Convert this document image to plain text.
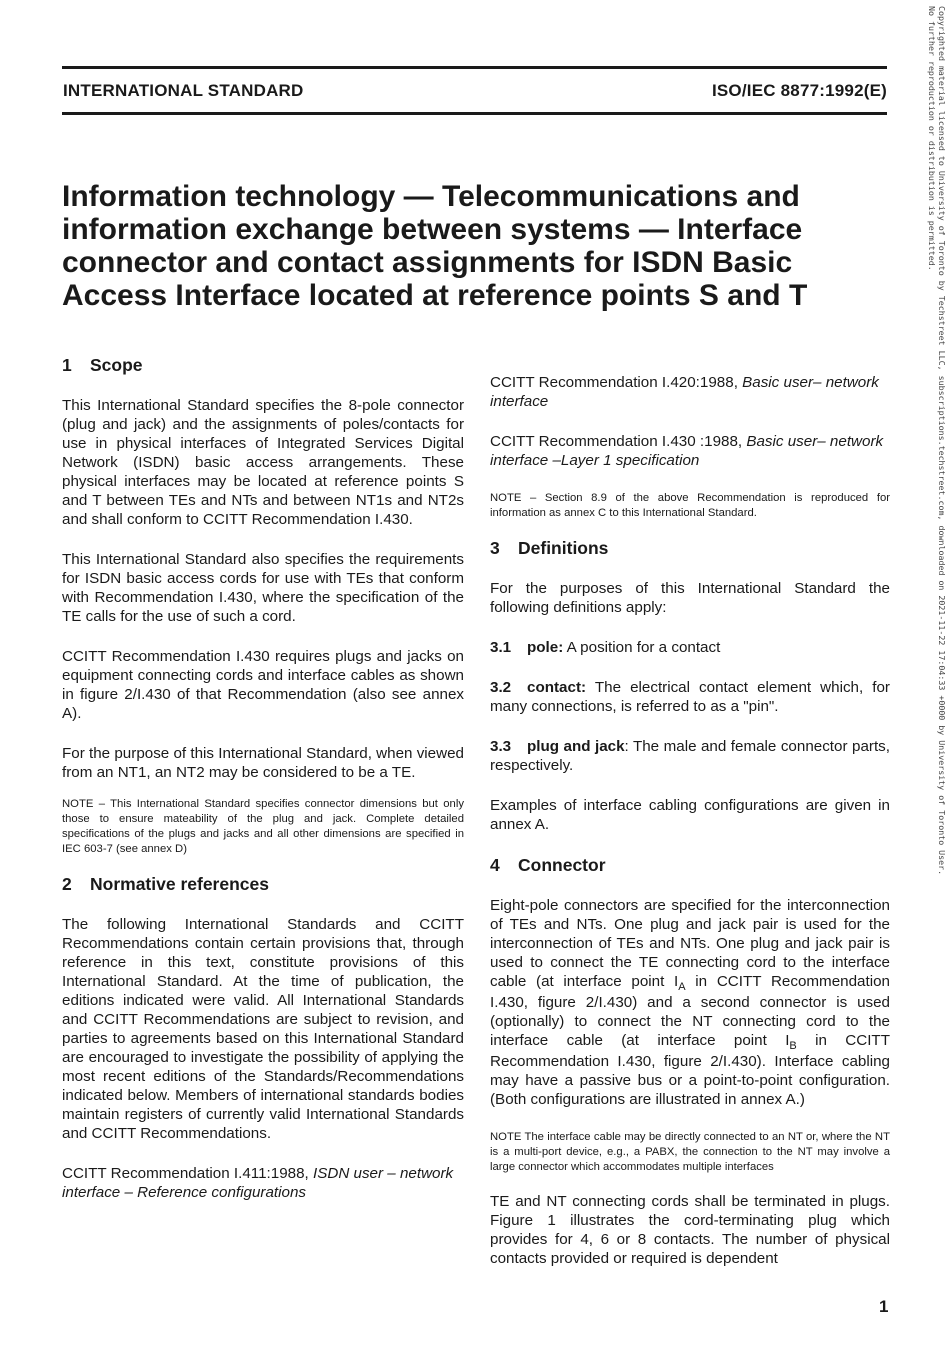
Copyrighted material licensed to University of Toronto by Techstreet LLC, subscriptions.techstreet.com, downloaded on 2021-11-22 17:04:33 +0000 by University of Toronto User.
No further reproduction or distribution is permitted.
INTERNATIONAL STANDARD	ISO/IEC 8877:1992(E)
Information technology — Telecommunications and information exchange between systems — Interface connector and contact assignments for ISDN Basic Access Interface located at reference points S and T
1 Scope

This International Standard specifies the 8-pole connector (plug and jack) and the assignments of poles/contacts for use in physical interfaces of Integrated Services Digital Network (ISDN) basic access arrangements. These physical interfaces may be located at reference points S and T between TEs and NTs and between NT1s and NT2s and shall conform to CCITT Recommendation I.430.

This International Standard also specifies the requirements for ISDN basic access cords for use with TEs that conform with Recommendation I.430, where the specification of the TE calls for the use of such a cord.

CCITT Recommendation I.430 requires plugs and jacks on equipment connecting cords and interface cables as shown in figure 2/I.430 of that Recommendation (also see annex A).

For the purpose of this International Standard, when viewed from an NT1, an NT2 may be considered to be a TE.

NOTE – This International Standard specifies connector dimensions but only those to ensure mateability of the plug and jack. Complete detailed specifications of the plugs and jacks and all other dimensions are specified in IEC 603-7 (see annex D)

2 Normative references

The following International Standards and CCITT Recommendations contain certain provisions that, through reference in this text, constitute provisions of this International Standard. At the time of publication, the editions indicated were valid. All International Standards and CCITT Recommendations are subject to revision, and parties to agreements based on this International Standard are encouraged to investigate the possibility of applying the most recent editions of the Standards/Recommendations indicated below. Members of international standards bodies maintain registers of currently valid International Standards and CCITT Recommendations.

CCITT Recommendation I.411:1988, ISDN user – network interface – Reference configurations

CCITT Recommendation I.420:1988, Basic user– network interface

CCITT Recommendation I.430 :1988, Basic user– network interface –Layer 1 specification

NOTE – Section 8.9 of the above Recommendation is reproduced for information as annex C to this International Standard.

3 Definitions

For the purposes of this International Standard the following definitions apply:

3.1 pole: A position for a contact

3.2 contact: The electrical contact element which, for many connections, is referred to as a "pin".

3.3 plug and jack: The male and female connector parts, respectively.

Examples of interface cabling configurations are given in annex A.

4 Connector

Eight-pole connectors are specified for the interconnection of TEs and NTs. One plug and jack pair is used for the interconnection of TEs and NTs. One plug and jack pair is used to connect the TE connecting cord to the interface cable (at interface point $I_A$ in CCITT Recommendation I.430, figure 2/I.430) and a second connector is used (optionally) to connect the NT connecting cord to the interface cable (at interface point $I_B$ in CCITT Recommendation I.430, figure 2/I.430). Interface cabling may have a passive bus or a point-to-point configuration. (Both configurations are illustrated in annex A.)

NOTE The interface cable may be directly connected to an NT or, where the NT is a multi-port device, e.g., a PABX, the connection to the NT may involve a large connector which accommodates multiple interfaces

TE and NT connecting cords shall be terminated in plugs. Figure 1 illustrates the cord-terminating plug which provides for 4, 6 or 8 contacts. The number of physical contacts provided or required is dependent

1
